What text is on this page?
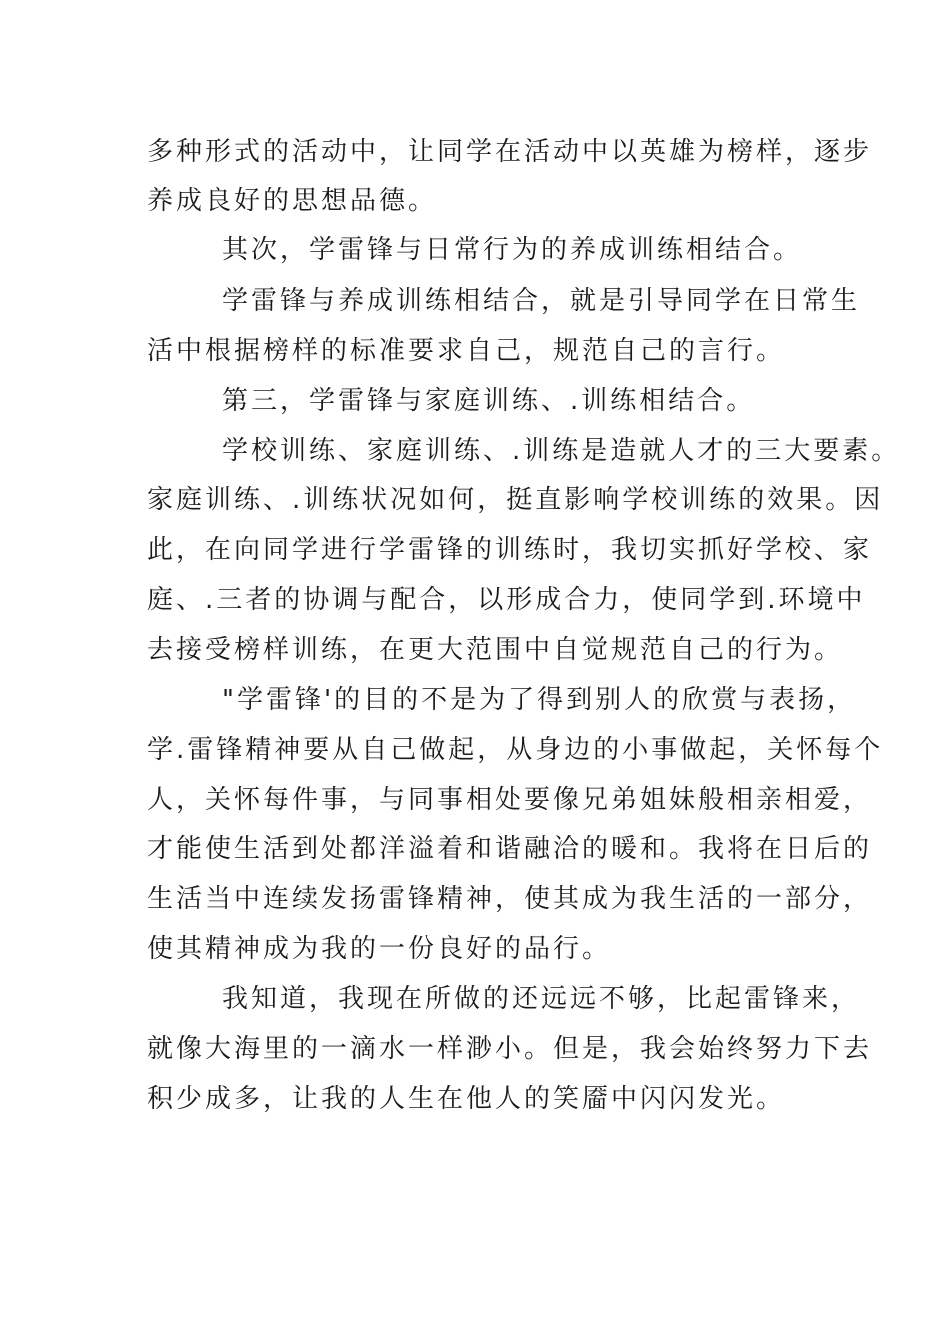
多种形式的活动中，让同学在活动中以英雄为榜样，逐步
养成良好的思想品德。
其次，学雷锋与日常行为的养成训练相结合。
学雷锋与养成训练相结合，就是引导同学在日常生
活中根据榜样的标准要求自己，规范自己的言行。
第三，学雷锋与家庭训练、.训练相结合。
学校训练、家庭训练、.训练是造就人才的三大要素。
家庭训练、.训练状况如何，挺直影响学校训练的效果。因
此，在向同学进行学雷锋的训练时，我切实抓好学校、家
庭、.三者的协调与配合，以形成合力，使同学到.环境中
去接受榜样训练，在更大范围中自觉规范自己的行为。
"学雷锋'的目的不是为了得到别人的欣赏与表扬，
学.雷锋精神要从自己做起，从身边的小事做起，关怀每个
人，关怀每件事，与同事相处要像兄弟姐妹般相亲相爱，
才能使生活到处都洋溢着和谐融洽的暖和。我将在日后的
生活当中连续发扬雷锋精神，使其成为我生活的一部分，
使其精神成为我的一份良好的品行。
我知道，我现在所做的还远远不够，比起雷锋来，
就像大海里的一滴水一样渺小。但是，我会始终努力下去
积少成多，让我的人生在他人的笑靥中闪闪发光。
